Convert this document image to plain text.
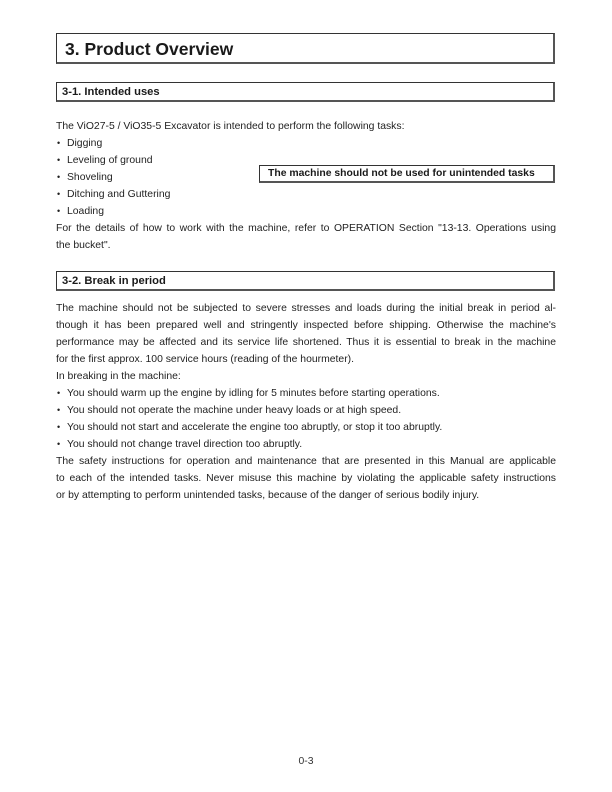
3. Product Overview
3-1. Intended uses
The ViO27-5 / ViO35-5 Excavator is intended to perform the following tasks:
• Digging
• Leveling of ground
• Shoveling
• Ditching and Guttering
• Loading
For the details of how to work with the machine, refer to OPERATION Section "13-13. Operations using
the bucket".
The machine should not be used for unintended tasks
3-2. Break in period
The machine should not be subjected to severe stresses and loads during the initial break in period al-
though it has been prepared well and stringently inspected before shipping. Otherwise the machine's
performance may be affected and its service life shortened. Thus it is essential to break in the machine
for the first approx. 100 service hours (reading of the hourmeter).
In breaking in the machine:
• You should warm up the engine by idling for 5 minutes before starting operations.
• You should not operate the machine under heavy loads or at high speed.
• You should not start and accelerate the engine too abruptly, or stop it too abruptly.
• You should not change travel direction too abruptly.
The safety instructions for operation and maintenance that are presented in this Manual are applicable
to each of the intended tasks. Never misuse this machine by violating the applicable safety instructions
or by attempting to perform unintended tasks, because of the danger of serious bodily injury.
0-3
